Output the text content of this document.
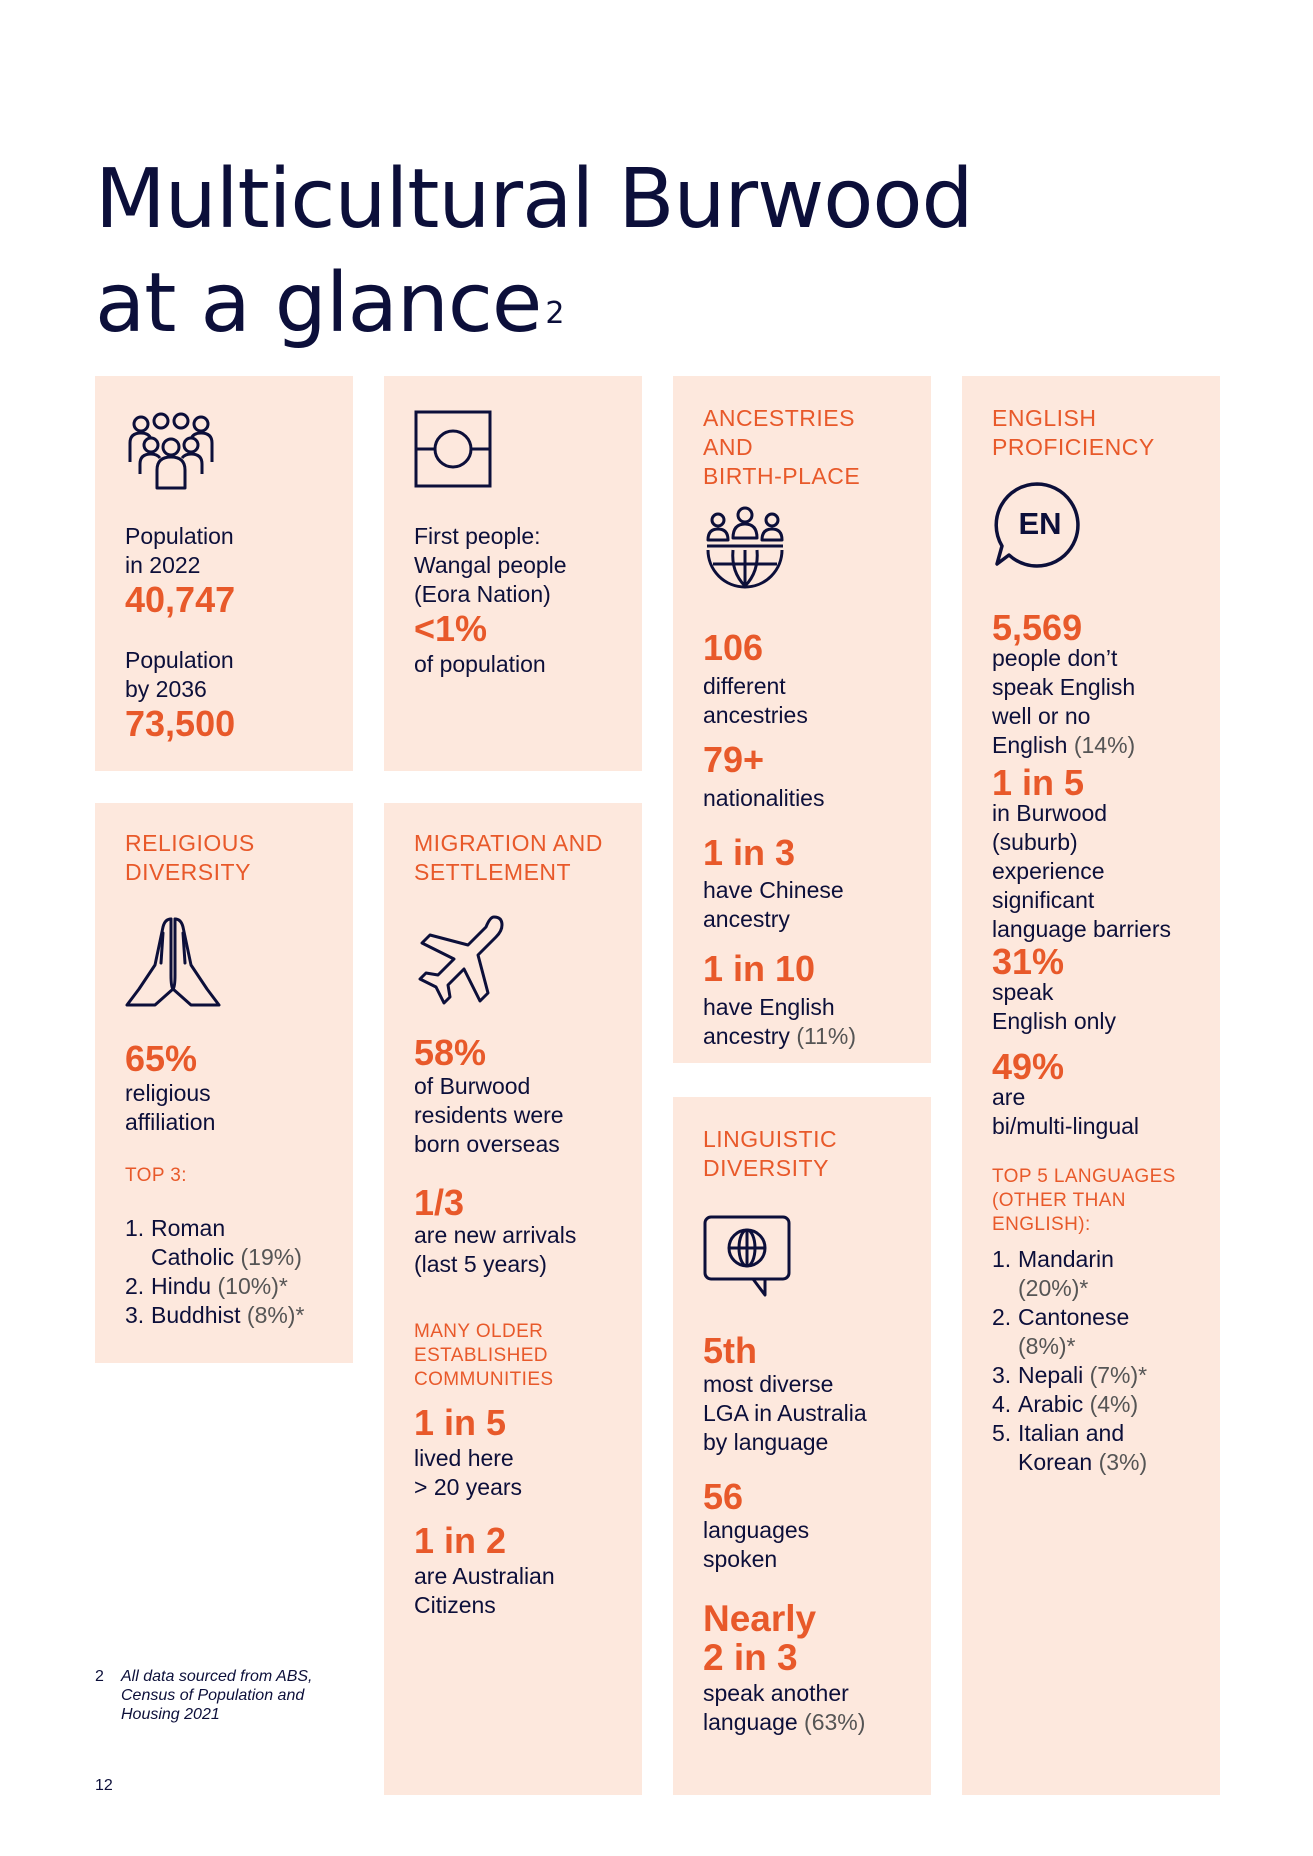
Multicultural Burwood
at a glance $^2$
Population
in 2022
40,747
Population
by 2036
73,500
First people:
Wangal people
(Eora Nation)
<1%
of population
ANCESTRIES
AND
BIRTH-PLACE
106
different
ancestries
79+
nationalities
1 in 3
have Chinese
ancestry
1 in 10
have English
ancestry (11%)
ENGLISH
PROFICIENCY
EN
5,569
people don’t
speak English
well or no
English (14%)
1 in 5
in Burwood
(suburb)
experience
significant
language barriers
31%
speak
English only
49%
are
bi/multi-lingual
TOP 5 LANGUAGES
(OTHER THAN
ENGLISH):
1. Mandarin
(20%)*
2. Cantonese
(8%)*
3. Nepali (7%)*
4. Arabic (4%)
5. Italian and
Korean (3%)
RELIGIOUS
DIVERSITY
65%
religious
affiliation
TOP 3:
1. Roman
Catholic (19%)
2. Hindu (10%)*
3. Buddhist (8%)*
MIGRATION AND
SETTLEMENT
58%
of Burwood
residents were
born overseas
1/3
are new arrivals
(last 5 years)
MANY OLDER
ESTABLISHED
COMMUNITIES
1 in 5
lived here
> 20 years
1 in 2
are Australian
Citizens
LINGUISTIC
DIVERSITY
5th
most diverse
LGA in Australia
by language
56
languages
spoken
Nearly
2 in 3
speak another
language (63%)
2	All data sourced from ABS,
Census of Population and
Housing 2021
12
